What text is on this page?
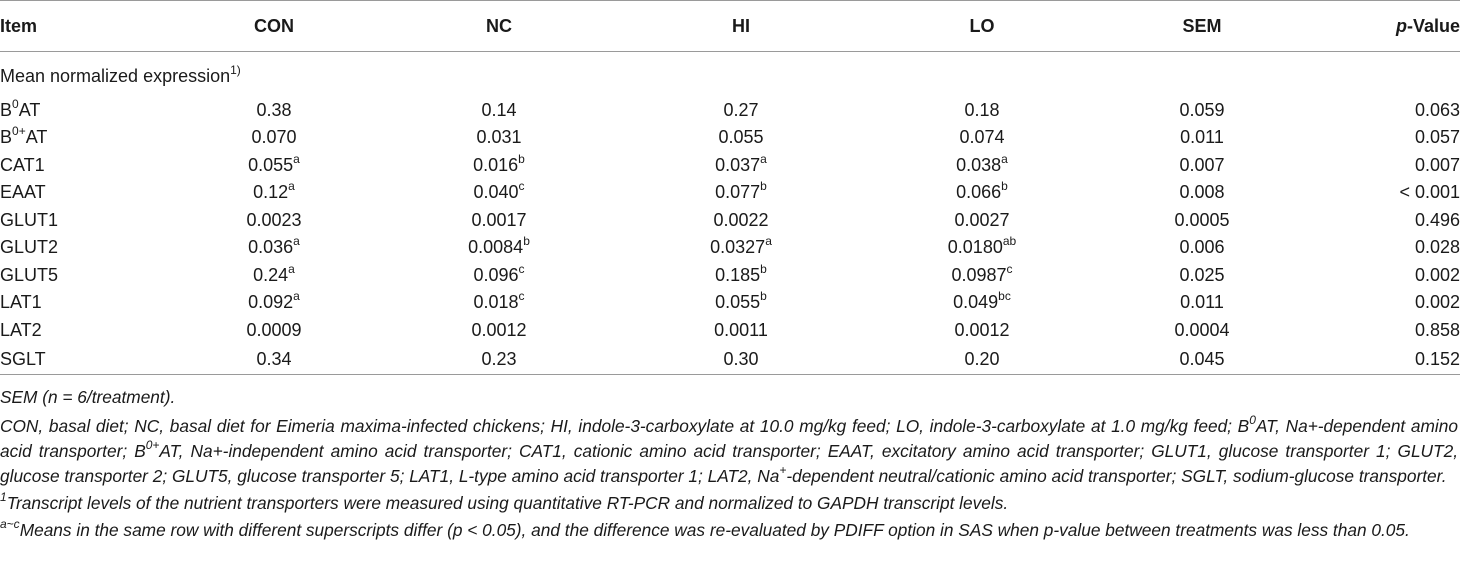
Item	CON	NC	HI	LO	SEM	p-Value
Mean normalized expression$^{1)}$
$B^0AT$	0.38	0.14	0.27	0.18	0.059	0.063
$B^{0+}AT$	0.070	0.031	0.055	0.074	0.011	0.057
CAT1	0.055$^a$	0.016$^b$	0.037$^a$	0.038$^a$	0.007	0.007
EAAT	0.12$^a$	0.040$^c$	0.077$^b$	0.066$^b$	0.008	< 0.001
GLUT1	0.0023	0.0017	0.0022	0.0027	0.0005	0.496
GLUT2	0.036$^a$	0.0084$^b$	0.0327$^a$	0.0180$^{ab}$	0.006	0.028
GLUT5	0.24$^a$	0.096$^c$	0.185$^b$	0.0987$^c$	0.025	0.002
LAT1	0.092$^a$	0.018$^c$	0.055$^b$	0.049$^{bc}$	0.011	0.002
LAT2	0.0009	0.0012	0.0011	0.0012	0.0004	0.858
SGLT	0.34	0.23	0.30	0.20	0.045	0.152

SEM (n = 6/treatment).

CON, basal diet; NC, basal diet for Eimeria maxima-infected chickens; HI, indole-3-carboxylate at 10.0 mg/kg feed; LO, indole-3-carboxylate at 1.0 mg/kg feed; $B^0AT$, Na+-dependent amino acid transporter; $B^{0+}AT$, Na+-independent amino acid transporter; CAT1, cationic amino acid transporter; EAAT, excitatory amino acid transporter; GLUT1, glucose transporter 1; GLUT2, glucose transporter 2; GLUT5, glucose transporter 5; LAT1, L-type amino acid transporter 1; LAT2, Na+-dependent neutral/cationic amino acid transporter; SGLT, sodium-glucose transporter.

$^1$Transcript levels of the nutrient transporters were measured using quantitative RT-PCR and normalized to GAPDH transcript levels.

$^{a\sim c}$Means in the same row with different superscripts differ (p < 0.05), and the difference was re-evaluated by PDIFF option in SAS when p-value between treatments was less than 0.05.
